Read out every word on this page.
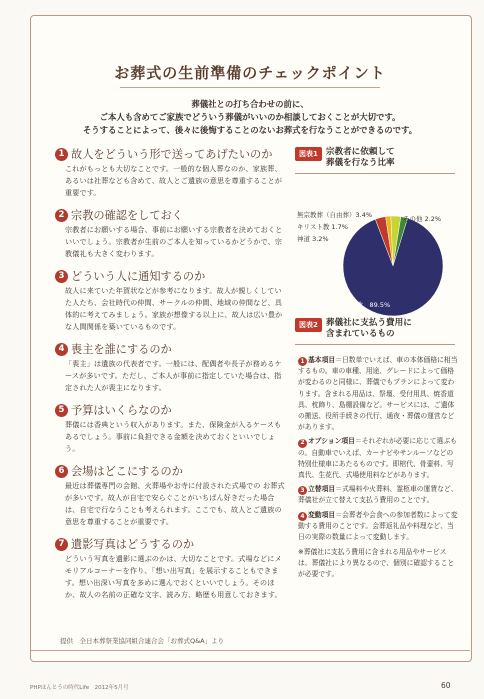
お葬式の生前準備のチェックポイント
葬儀社との打ち合わせの前に、
ご本人も含めてご家族でどういう葬儀がいいのか相談しておくことが大切です。
そうすることによって、後々に後悔することのないお葬式を行なうことができるのです。
1 故人をどういう形で送ってあげたいのか
これがもっとも大切なことです。一般的な個人葬なのか、家族葬、あるいは社葬なども含めて、故人とご遺族の意思を尊重することが重要です。
2 宗教の確認をしておく
宗教者にお願いする場合、事前にお願いする宗教者を決めておくといいでしょう。宗教者が生前のご本人を知っているかどうかで、宗教儀礼も大きく変わります。
3 どういう人に通知するのか
故人に来ていた年賀状などが参考になります。故人が親しくしていた人たち、会社時代の仲間、サークルの仲間、地域の仲間など、具体的に考えてみましょう。家族が想像する以上に、故人は広い豊かな人間関係を築いているものです。
4 喪主を誰にするのか
「喪主」は遺族の代表者です。一般には、配偶者や長子が務めるケースが多いです。ただし、ご本人が事前に指定していた場合は、指定された人が喪主になります。
5 予算はいくらなのか
葬儀には香典という収入があります。また、保険金が入るケースもあるでしょう。事前に負担できる金額を決めておくといいでしょう。
6 会場はどこにするのか
最近は葬儀専門の会館、火葬場やお寺に付設された式場での お葬式が多いです。故人が自宅で安らぐことがいちばん好きだった場合は、自宅で行なうことも考えられます。ここでも、故人とご遺族の意思を尊重することが重要です。
7 遺影写真はどうするのか
どういう写真を遺影に選ぶのかは、大切なことです。式場などにメモリアルコーナーを作り、「想い出写真」を展示することもできます。想い出深い写真を多めに選んでおくといいでしょう。そのほか、故人の名前の正確な文字、読み方、略歴も用意しておきます。
図表1 宗教者に依頼して
葬儀を行なう比率
仏教　89.5%
無宗教葬（自由葬）3.4%
キリスト教 1.7%
神道 3.2%
その他 2.2%
図表2 葬儀社に支払う費用に
含まれているもの
1 基本項目＝日数単でいえば、車の本体価格に相当するもの。車の車種、用途、グレードによって価格が変わるのと同様に、葬儀でもプランによって変わります。含まれる用品は、祭壇、受付用具、焼香道具、枕飾り、島棚設備など。サービスには、ご遺体の搬送、役所手続きの代行、通夜・葬儀の運営などがあります。
2 オプション項目＝それぞれが必要に応じて選ぶもの。自動車でいえば、カーナビやサンルーフなどの特別仕様車にあたるものです。即棺代、骨壷料、写真代、生花代、式場使用料などがあります。
3 立替項目＝式場料や火葬料、霊柩車の運賃など、葬儀社が立て替えて支払う費用のことです。
4 変動項目＝会葬者や会食への参加者数によって変動する費用のことです。会葬返礼品や料理など、当日の実際の数量によって変動します。
※葬儀社に支払う費用に含まれる用品やサービスは、葬儀社により異なるので、個別に確認することが必要です。
提供　全日本葬祭業協同組合連合会「お葬式Q&A」より
PHPほんとうの時代Life　2012年5月号	60
